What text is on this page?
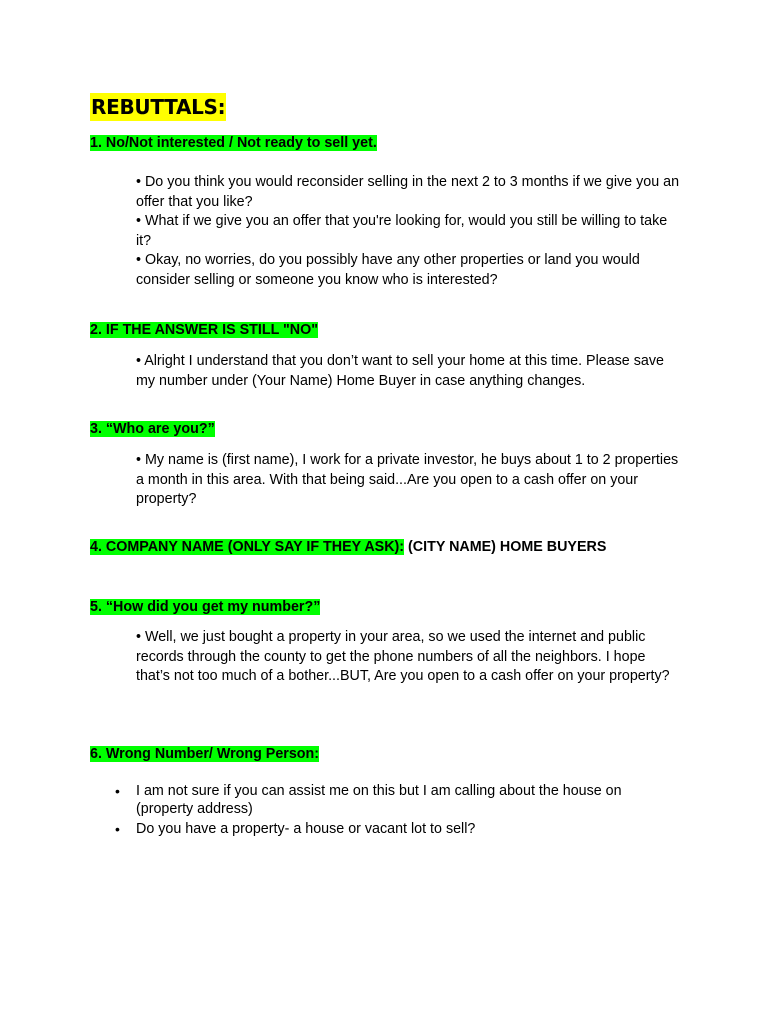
REBUTTALS:
1. No/Not interested / Not ready to sell yet.

• Do you think you would reconsider selling in the next 2 to 3 months if we give you an offer that you like?

• What if we give you an offer that you're looking for, would you still be willing to take it?

• Okay, no worries, do you possibly have any other properties or land you would consider selling or someone you know who is interested?

2. IF THE ANSWER IS STILL "NO"

• Alright I understand that you don’t want to sell your home at this time. Please save my number under (Your Name) Home Buyer in case anything changes.

3. “Who are you?”

• My name is (first name), I work for a private investor, he buys about 1 to 2 properties a month in this area. With that being said...Are you open to a cash offer on your property?

4. COMPANY NAME (ONLY SAY IF THEY ASK): (CITY NAME) HOME BUYERS
5. “How did you get my number?”

• Well, we just bought a property in your area, so we used the internet and public records through the county to get the phone numbers of all the neighbors. I hope that’s not too much of a bother...BUT, Are you open to a cash offer on your property?

6. Wrong Number/ Wrong Person:
• I am not sure if you can assist me on this but I am calling about the house on (property address)
• Do you have a property- a house or vacant lot to sell?
